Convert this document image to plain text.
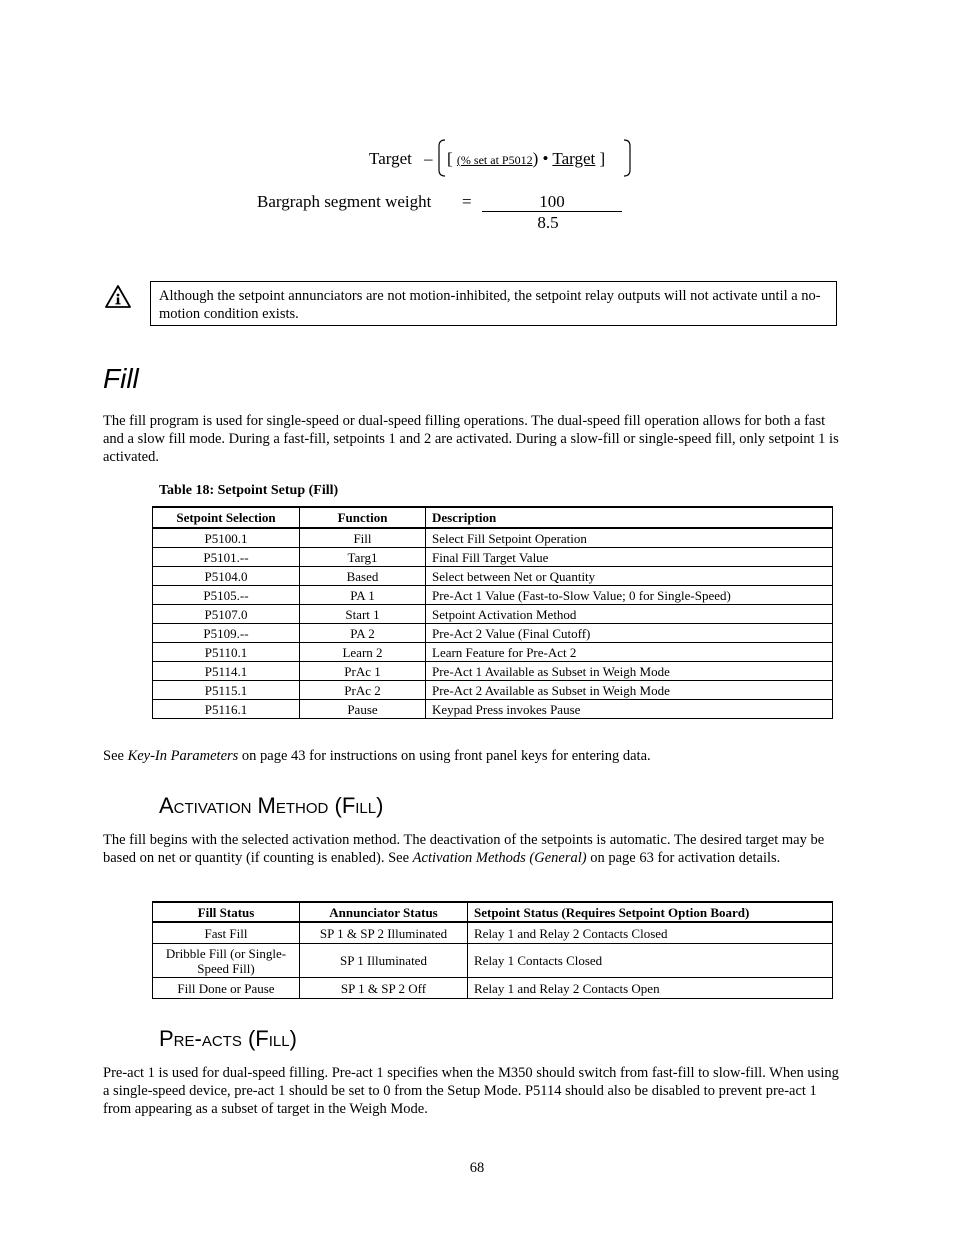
Target – [ (% set at P5012) • Target ]
Bargraph segment weight =	100
8.5
Although the setpoint annunciators are not motion-inhibited, the setpoint relay outputs will not activate until a no-motion condition exists.
Fill
The fill program is used for single-speed or dual-speed filling operations. The dual-speed fill operation allows for both a fast and a slow fill mode. During a fast-fill, setpoints 1 and 2 are activated. During a slow-fill or single-speed fill, only setpoint 1 is activated.
Table 18: Setpoint Setup (Fill)
Setpoint Selection	Function	Description
P5100.1	Fill	Select Fill Setpoint Operation
P5101.--	Targ1	Final Fill Target Value
P5104.0	Based	Select between Net or Quantity
P5105.--	PA 1	Pre-Act 1 Value (Fast-to-Slow Value; 0 for Single-Speed)
P5107.0	Start 1	Setpoint Activation Method
P5109.--	PA 2	Pre-Act 2 Value (Final Cutoff)
P5110.1	Learn 2	Learn Feature for Pre-Act 2
P5114.1	PrAc 1	Pre-Act 1 Available as Subset in Weigh Mode
P5115.1	PrAc 2	Pre-Act 2 Available as Subset in Weigh Mode
P5116.1	Pause	Keypad Press invokes Pause
See Key-In Parameters on page 43 for instructions on using front panel keys for entering data.
Activation Method (Fill)
The fill begins with the selected activation method. The deactivation of the setpoints is automatic. The desired target may be based on net or quantity (if counting is enabled). See Activation Methods (General) on page 63 for activation details.
Fill Status	Annunciator Status	Setpoint Status (Requires Setpoint Option Board)
Fast Fill	SP 1 & SP 2 Illuminated	Relay 1 and Relay 2 Contacts Closed
Dribble Fill (or Single-Speed Fill)	SP 1 Illuminated	Relay 1 Contacts Closed
Fill Done or Pause	SP 1 & SP 2 Off	Relay 1 and Relay 2 Contacts Open
Pre-acts (Fill)
Pre-act 1 is used for dual-speed filling. Pre-act 1 specifies when the M350 should switch from fast-fill to slow-fill. When using a single-speed device, pre-act 1 should be set to 0 from the Setup Mode. P5114 should also be disabled to prevent pre-act 1 from appearing as a subset of target in the Weigh Mode.
68
